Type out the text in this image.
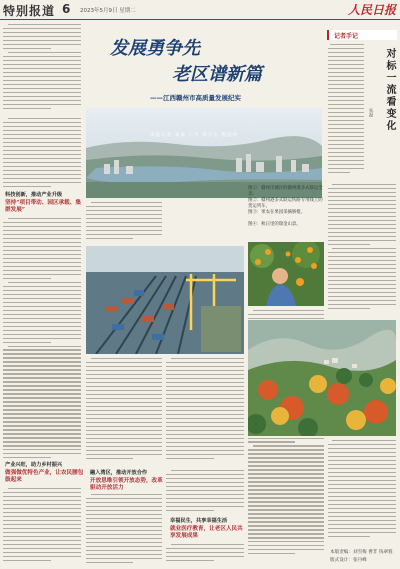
特别报道 6 2023年5月9日 星期二	人民日报
科技创新，推动产业升级
坚持“项目带动、园区承载、集群发展”
产业兴旺，助力乡村振兴
做强做优特色产业，让农民腰包鼓起来
发展勇争先
老区谱新篇
——江西赣州市高质量发展纪实
本报记者 朱磊 王丹 郑少忠 程远州
图①：赣州市城区的赣州港多式联运全景。
图②：赣州港多式联运铁路专用线上的货运列车。
图③：果农在果园采摘脐橙。
图④：秋日里的瑞金山景。
融入湾区，推动开放合作
开放思维引领开放态势，改革驱动开放活力
幸福民生，共享幸福生活
就业医疗教育，让老区人民共享发展成果
记者手记
对标一流看变化
朱磊
本版责编：刘雪梅 曹非 钱翠蓉
版式设计：张丹峰
